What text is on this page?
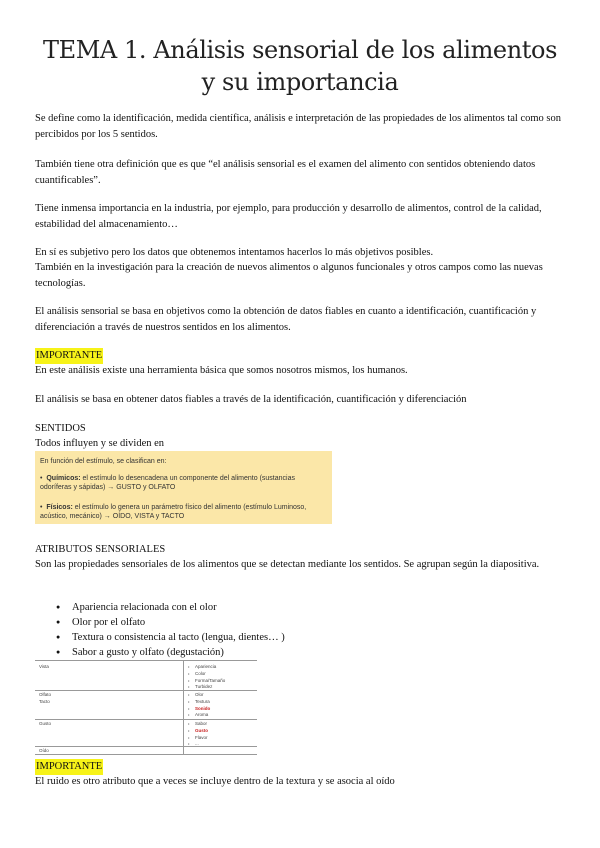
TEMA 1. Análisis sensorial de los alimentos y su importancia
Se define como la identificación, medida científica, análisis e interpretación de las propiedades de los alimentos tal como son percibidos por los 5 sentidos.
También tiene otra definición que es que “el análisis sensorial es el examen del alimento con sentidos obteniendo datos cuantificables”.
Tiene inmensa importancia en la industria, por ejemplo, para producción y desarrollo de alimentos, control de la calidad, estabilidad del almacenamiento…
En sí es subjetivo pero los datos que obtenemos intentamos hacerlos lo más objetivos posibles.
También en la investigación para la creación de nuevos alimentos o algunos funcionales y otros campos como las nuevas tecnologías.
El análisis sensorial se basa en objetivos como la obtención de datos fiables en cuanto a identificación, cuantificación y diferenciación a través de nuestros sentidos en los alimentos.
IMPORTANTE
En este análisis existe una herramienta básica que somos nosotros mismos, los humanos.
El análisis se basa en obtener datos fiables a través de la identificación, cuantificación y diferenciación
SENTIDOS
Todos influyen y se dividen en
En función del estímulo, se clasifican en:
•  Químicos: el estímulo lo desencadena un componente del alimento (sustancias odoríferas y sápidas) → GUSTO y OLFATO
•  Físicos: el estímulo lo genera un parámetro físico del alimento (estímulo Luminoso, acústico, mecánico) → OÍDO, VISTA y TACTO
ATRIBUTOS SENSORIALES
Son las propiedades sensoriales de los alimentos que se detectan mediante los sentidos. Se agrupan según la diapositiva.
● Apariencia relacionada con el olor
● Olor por el olfato
● Textura o consistencia al tacto (lengua, dientes… )
● Sabor a gusto y olfato (degustación)
Vista
Olfato
Tacto
Gusto
Oído
Apariencia
Color
Forma/Tamaño
Turbidez
Olor
Textura
Sonido
Aroma
Sabor
Gusto
Flavor
...
•
•
•
•
•
•
•
•
•
•
•
•
IMPORTANTE
El ruido es otro atributo que a veces se incluye dentro de la textura y se asocia al oído
